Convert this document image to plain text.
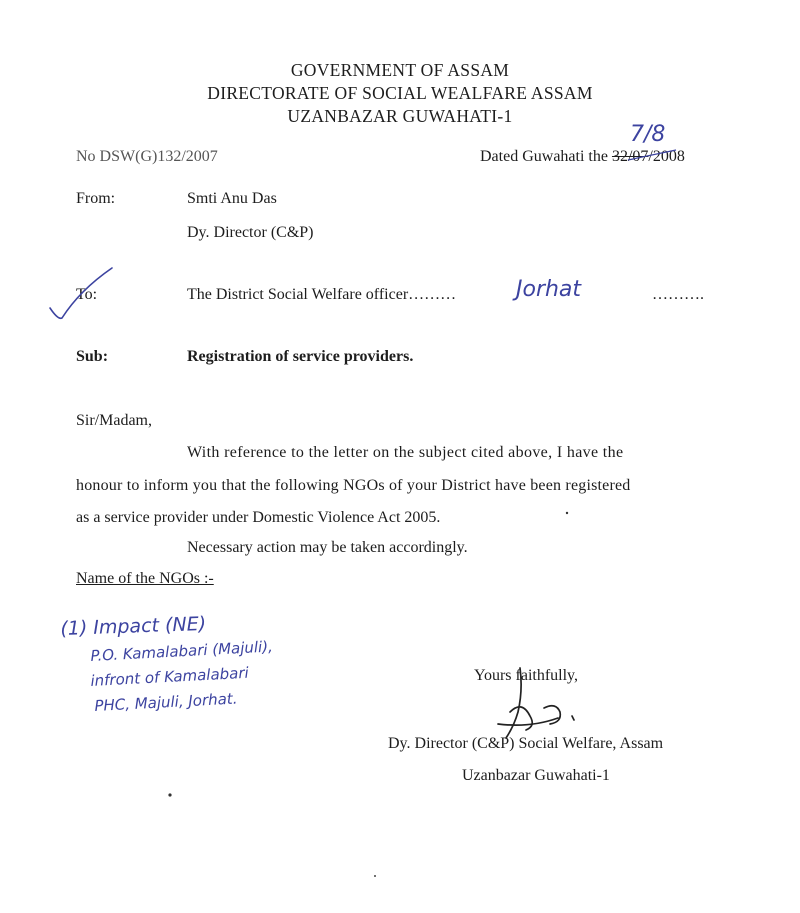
GOVERNMENT OF ASSAM
DIRECTORATE OF SOCIAL WEALFARE ASSAM
UZANBAZAR GUWAHATI-1
No DSW(G)132/2007	Dated Guwahati the 32/07/2008
7/8
From:	Smti Anu Das
Dy. Director (C&P)
To:	The District Social Welfare officer………	Jorhat	……….
Sub:	Registration of service providers.
Sir/Madam,
With reference to the letter on the subject cited above, I have the
honour to inform you that the following NGOs of your District have been registered
as a service provider under Domestic Violence Act 2005.
Necessary action may be taken accordingly.
Name of the NGOs :-
(1) Impact (NE)
P.O. Kamalabari (Majuli),
infront of Kamalabari
PHC, Majuli, Jorhat.
Yours faithfully,
Dy. Director (C&P) Social Welfare, Assam
Uzanbazar Guwahati-1
